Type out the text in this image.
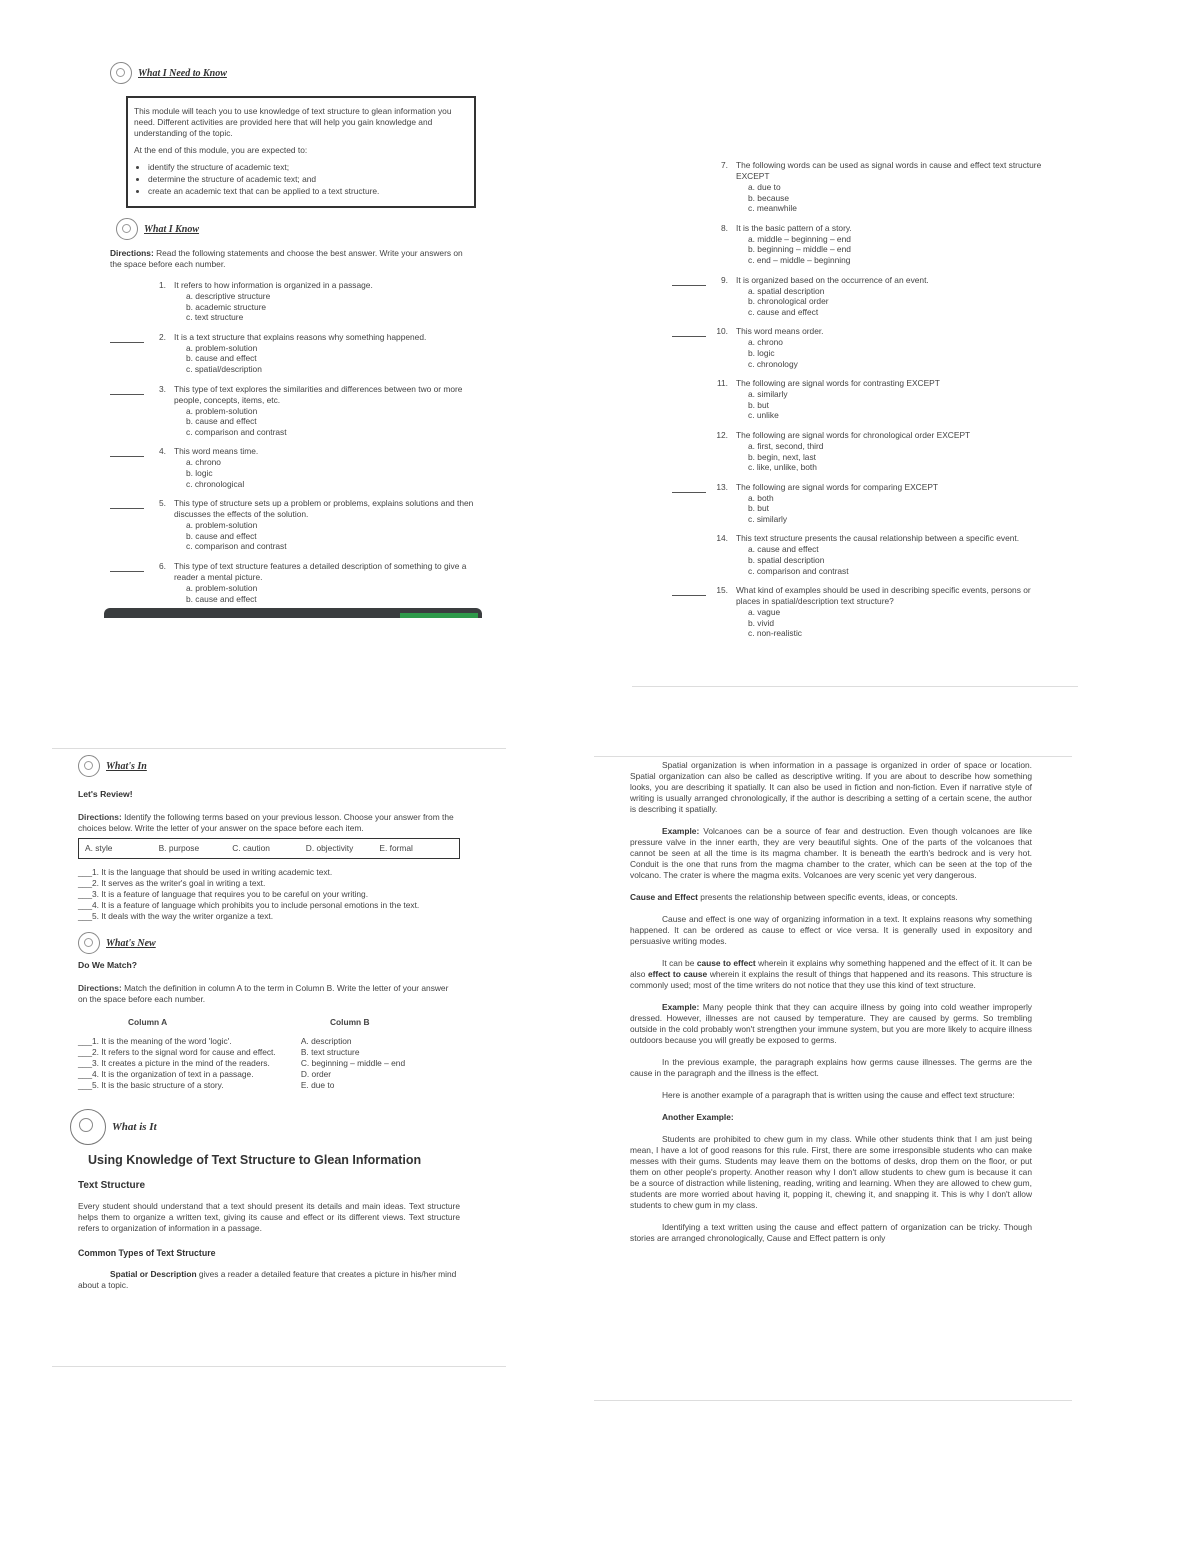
What I Need to Know

This module will teach you to use knowledge of text structure to glean information you need. Different activities are provided here that will help you gain knowledge and understanding of the topic.

At the end of this module, you are expected to:

• identify the structure of academic text;
• determine the structure of academic text; and
• create an academic text that can be applied to a text structure.
What I Know
Directions: Read the following statements and choose the best answer. Write your answers on the space before each number.
1. It refers to how information is organized in a passage.
a. descriptive structure
b. academic structure
c. text structure
2. It is a text structure that explains reasons why something happened.
a. problem-solution
b. cause and effect
c. spatial/description
3. This type of text explores the similarities and differences between two or more people, concepts, items, etc.
a. problem-solution
b. cause and effect
c. comparison and contrast
4. This word means time.
a. chrono
b. logic
c. chronological
5. This type of structure sets up a problem or problems, explains solutions and then discusses the effects of the solution.
a. problem-solution
b. cause and effect
c. comparison and contrast
6. This type of text structure features a detailed description of something to give a reader a mental picture.
a. problem-solution
b. cause and effect
7. The following words can be used as signal words in cause and effect text structure EXCEPT
a. due to
b. because
c. meanwhile
8. It is the basic pattern of a story.
a. middle – beginning – end
b. beginning – middle – end
c. end – middle – beginning
9. It is organized based on the occurrence of an event.
a. spatial description
b. chronological order
c. cause and effect
10. This word means order.
a. chrono
b. logic
c. chronology
11. The following are signal words for contrasting EXCEPT
a. similarly
b. but
c. unlike
12. The following are signal words for chronological order EXCEPT
a. first, second, third
b. begin, next, last
c. like, unlike, both
13. The following are signal words for comparing EXCEPT
a. both
b. but
c. similarly
14. This text structure presents the causal relationship between a specific event.
a. cause and effect
b. spatial description
c. comparison and contrast
15. What kind of examples should be used in describing specific events, persons or places in spatial/description text structure?
a. vague
b. vivid
c. non-realistic
What's In
Let's Review!
Directions: Identify the following terms based on your previous lesson. Choose your answer from the choices below. Write the letter of your answer on the space before each item.
A. style	B. purpose	C. caution	D. objectivity	E. formal
___1. It is the language that should be used in writing academic text.
___2. It serves as the writer's goal in writing a text.
___3. It is a feature of language that requires you to be careful on your writing.
___4. It is a feature of language which prohibits you to include personal emotions in the text.
___5. It deals with the way the writer organize a text.
What's New
Do We Match?
Directions: Match the definition in column A to the term in Column B. Write the letter of your answer on the space before each number.
Column A	Column B
___1. It is the meaning of the word 'logic'.	A. description
___2. It refers to the signal word for cause and effect.	B. text structure
___3. It creates a picture in the mind of the readers.	C. beginning – middle – end
___4. It is the organization of text in a passage.	D. order
___5. It is the basic structure of a story.	E. due to
What is It
Using Knowledge of Text Structure to Glean Information
Text Structure
Every student should understand that a text should present its details and main ideas. Text structure helps them to organize a written text, giving its cause and effect or its different views. Text structure refers to organization of information in a passage.
Common Types of Text Structure
Spatial or Description gives a reader a detailed feature that creates a picture in his/her mind about a topic.

Spatial organization is when information in a passage is organized in order of space or location. Spatial organization can also be called as descriptive writing. If you are about to describe how something looks, you are describing it spatially. It can also be used in fiction and non-fiction. Even if narrative style of writing is usually arranged chronologically, if the author is describing a setting of a certain scene, the author is describing it spatially.

Example: Volcanoes can be a source of fear and destruction. Even though volcanoes are like pressure valve in the inner earth, they are very beautiful sights. One of the parts of the volcanoes that cannot be seen at all the time is its magma chamber. It is beneath the earth's bedrock and is very hot. Conduit is the one that runs from the magma chamber to the crater, which can be seen at the top of the volcano. The crater is where the magma exits. Volcanoes are very scenic yet very dangerous.

Cause and Effect presents the relationship between specific events, ideas, or concepts.

Cause and effect is one way of organizing information in a text. It explains reasons why something happened. It can be ordered as cause to effect or vice versa. It is generally used in expository and persuasive writing modes.

It can be cause to effect wherein it explains why something happened and the effect of it. It can be also effect to cause wherein it explains the result of things that happened and its reasons. This structure is commonly used; most of the time writers do not notice that they use this kind of text structure.

Example: Many people think that they can acquire illness by going into cold weather improperly dressed. However, illnesses are not caused by temperature. They are caused by germs. So trembling outside in the cold probably won't strengthen your immune system, but you are more likely to acquire illness outdoors because you will greatly be exposed to germs.

In the previous example, the paragraph explains how germs cause illnesses. The germs are the cause in the paragraph and the illness is the effect.

Here is another example of a paragraph that is written using the cause and effect text structure:

Another Example:

Students are prohibited to chew gum in my class. While other students think that I am just being mean, I have a lot of good reasons for this rule. First, there are some irresponsible students who can make messes with their gums. Students may leave them on the bottoms of desks, drop them on the floor, or put them on other people's property. Another reason why I don't allow students to chew gum is because it can be a source of distraction while listening, reading, writing and learning. When they are allowed to chew gum, students are more worried about having it, popping it, chewing it, and snapping it. This is why I don't allow students to chew gum in my class.

Identifying a text written using the cause and effect pattern of organization can be tricky. Though stories are arranged chronologically, Cause and Effect pattern is only
